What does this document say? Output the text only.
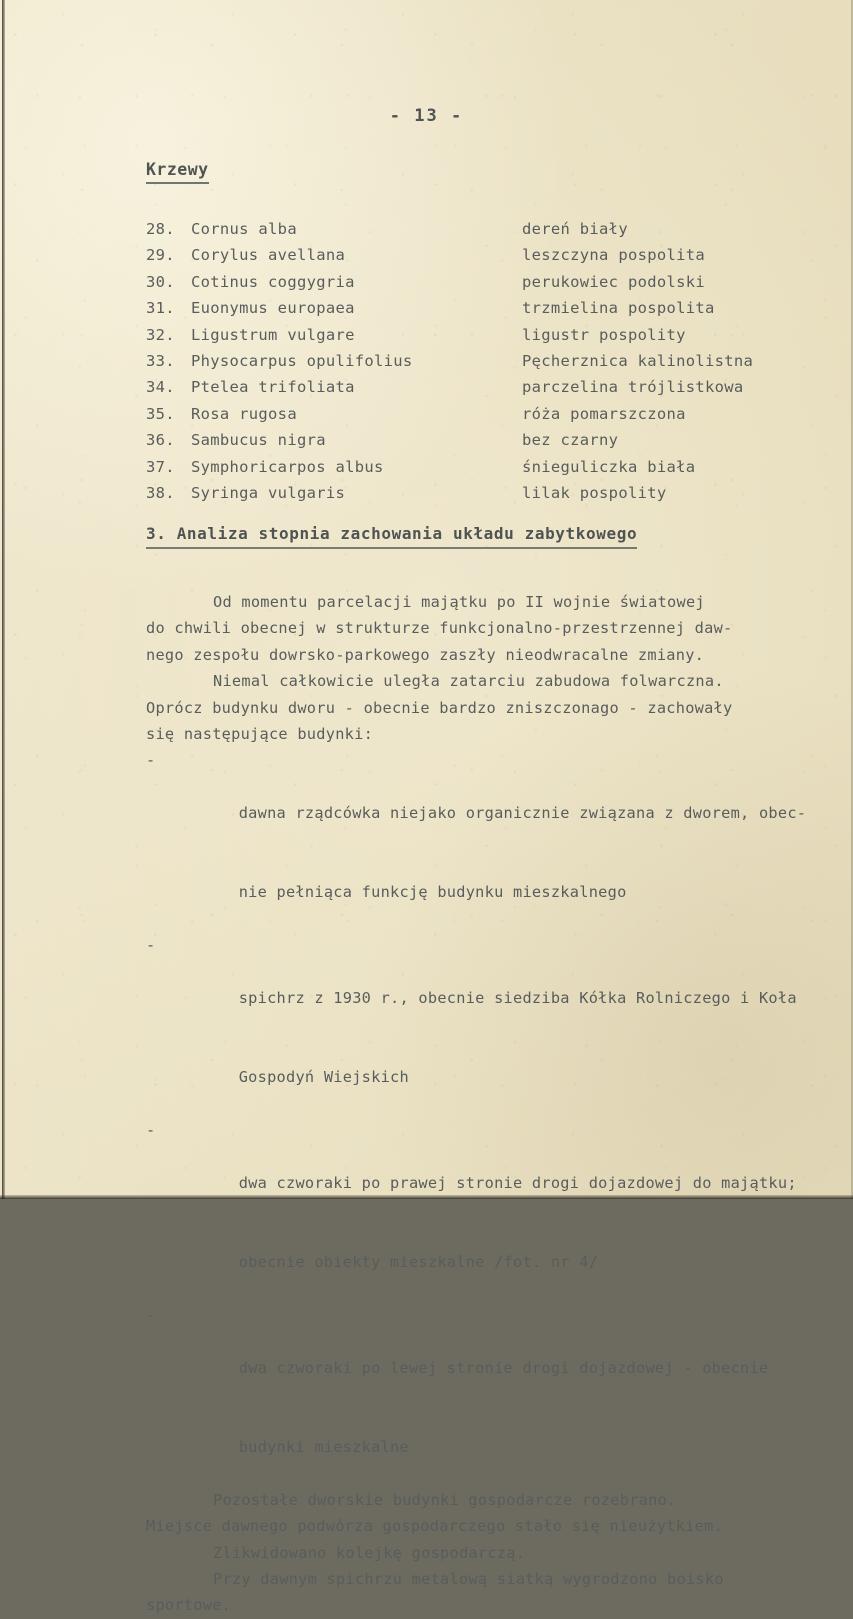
- 13 -
Krzewy
28.	Cornus alba	dereń biały
29.	Corylus avellana	leszczyna pospolita
30.	Cotinus coggygria	perukowiec podolski
31.	Euonymus europaea	trzmielina pospolita
32.	Ligustrum vulgare	ligustr pospolity
33.	Physocarpus opulifolius	Pęcherznica kalinolistna
34.	Ptelea trifoliata	parczelina trójlistkowa
35.	Rosa rugosa	róża pomarszczona
36.	Sambucus nigra	bez czarny
37.	Symphoricarpos albus	śnieguliczka biała
38.	Syringa vulgaris	lilak pospolity
3. Analiza stopnia zachowania układu zabytkowego
Od momentu parcelacji majątku po II wojnie światowej
do chwili obecnej w strukturze funkcjonalno-przestrzennej daw-
nego zespołu dowrsko-parkowego zaszły nieodwracalne zmiany.
Niemal całkowicie uległa zatarciu zabudowa folwarczna.
Oprócz budynku dworu - obecnie bardzo zniszczonago - zachowały
się następujące budynki:

-

dawna rządcówka niejako organicznie związana z dworem, obec-

nie pełniąca funkcję budynku mieszkalnego

-

spichrz z 1930 r., obecnie siedziba Kółka Rolniczego i Koła

Gospodyń Wiejskich

-

dwa czworaki po prawej stronie drogi dojazdowej do majątku;

obecnie obiekty mieszkalne /fot. nr 4/

-

dwa czworaki po lewej stronie drogi dojazdowej - obecnie

budynki mieszkalne

Pozostałe dworskie budynki gospodarcze rozebrano.
Miejsce dawnego podwórza gospodarczego stało się nieużytkiem.
Zlikwidowano kolejkę gospodarczą.
Przy dawnym spichrzu metalową siatką wygrodzono boisko
sportowe.
